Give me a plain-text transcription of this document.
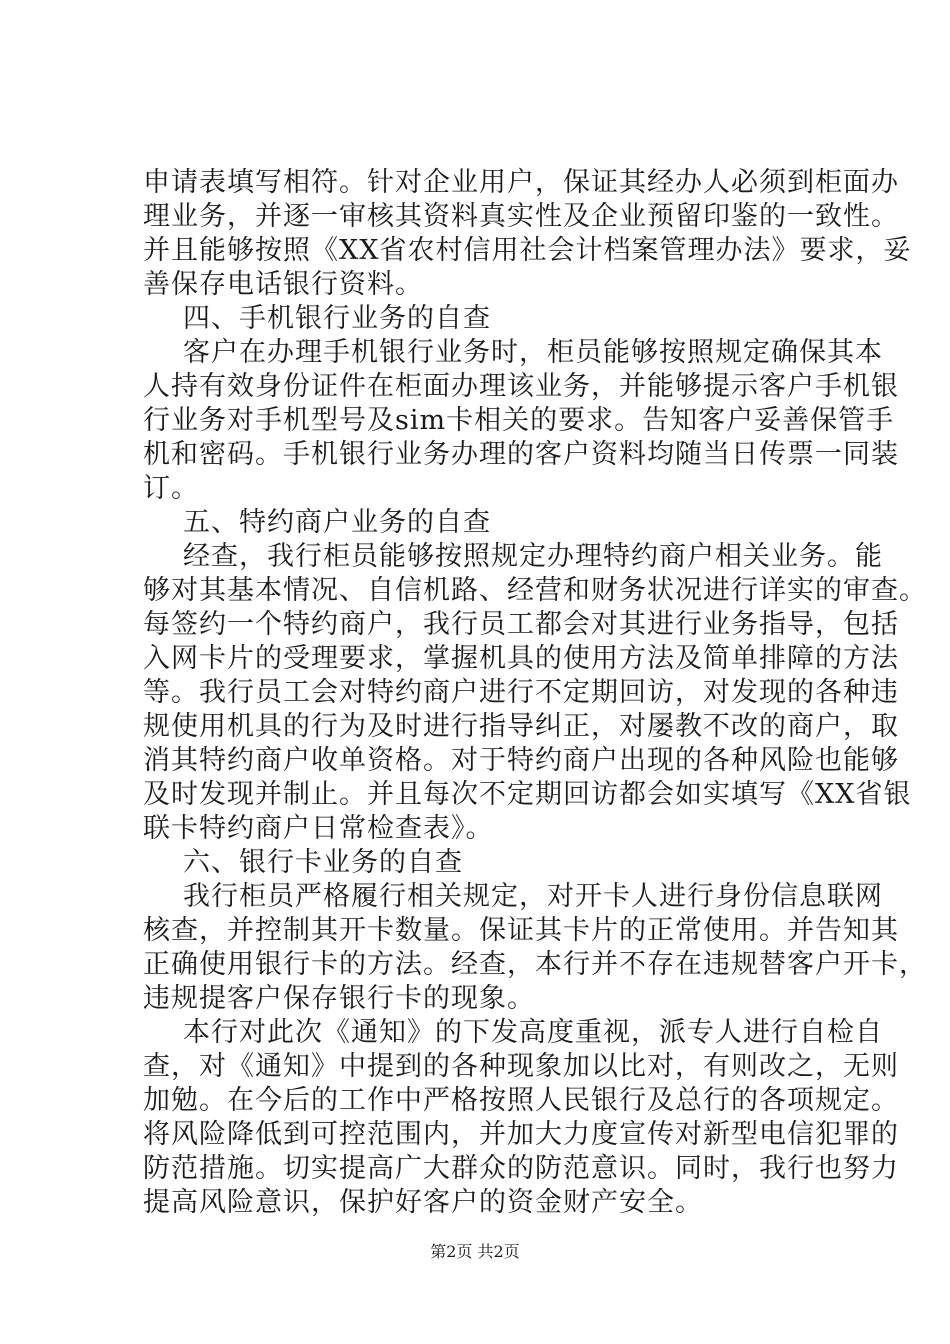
申请表填写相符。针对企业用户，保证其经办人必须到柜面办
理业务，并逐一审核其资料真实性及企业预留印鉴的一致性。
并且能够按照《XX省农村信用社会计档案管理办法》要求，妥
善保存电话银行资料。
四、手机银行业务的自查
客户在办理手机银行业务时，柜员能够按照规定确保其本
人持有效身份证件在柜面办理该业务，并能够提示客户手机银
行业务对手机型号及sim卡相关的要求。告知客户妥善保管手
机和密码。手机银行业务办理的客户资料均随当日传票一同装
订。
五、特约商户业务的自查
经查，我行柜员能够按照规定办理特约商户相关业务。能
够对其基本情况、自信机路、经营和财务状况进行详实的审查。
每签约一个特约商户，我行员工都会对其进行业务指导，包括
入网卡片的受理要求，掌握机具的使用方法及简单排障的方法
等。我行员工会对特约商户进行不定期回访，对发现的各种违
规使用机具的行为及时进行指导纠正，对屡教不改的商户，取
消其特约商户收单资格。对于特约商户出现的各种风险也能够
及时发现并制止。并且每次不定期回访都会如实填写《XX省银
联卡特约商户日常检查表》。
六、银行卡业务的自查
我行柜员严格履行相关规定，对开卡人进行身份信息联网
核查，并控制其开卡数量。保证其卡片的正常使用。并告知其
正确使用银行卡的方法。经查，本行并不存在违规替客户开卡，
违规提客户保存银行卡的现象。
本行对此次《通知》的下发高度重视，派专人进行自检自
查，对《通知》中提到的各种现象加以比对，有则改之，无则
加勉。在今后的工作中严格按照人民银行及总行的各项规定。
将风险降低到可控范围内，并加大力度宣传对新型电信犯罪的
防范措施。切实提高广大群众的防范意识。同时，我行也努力
提高风险意识，保护好客户的资金财产安全。
第2页 共2页
